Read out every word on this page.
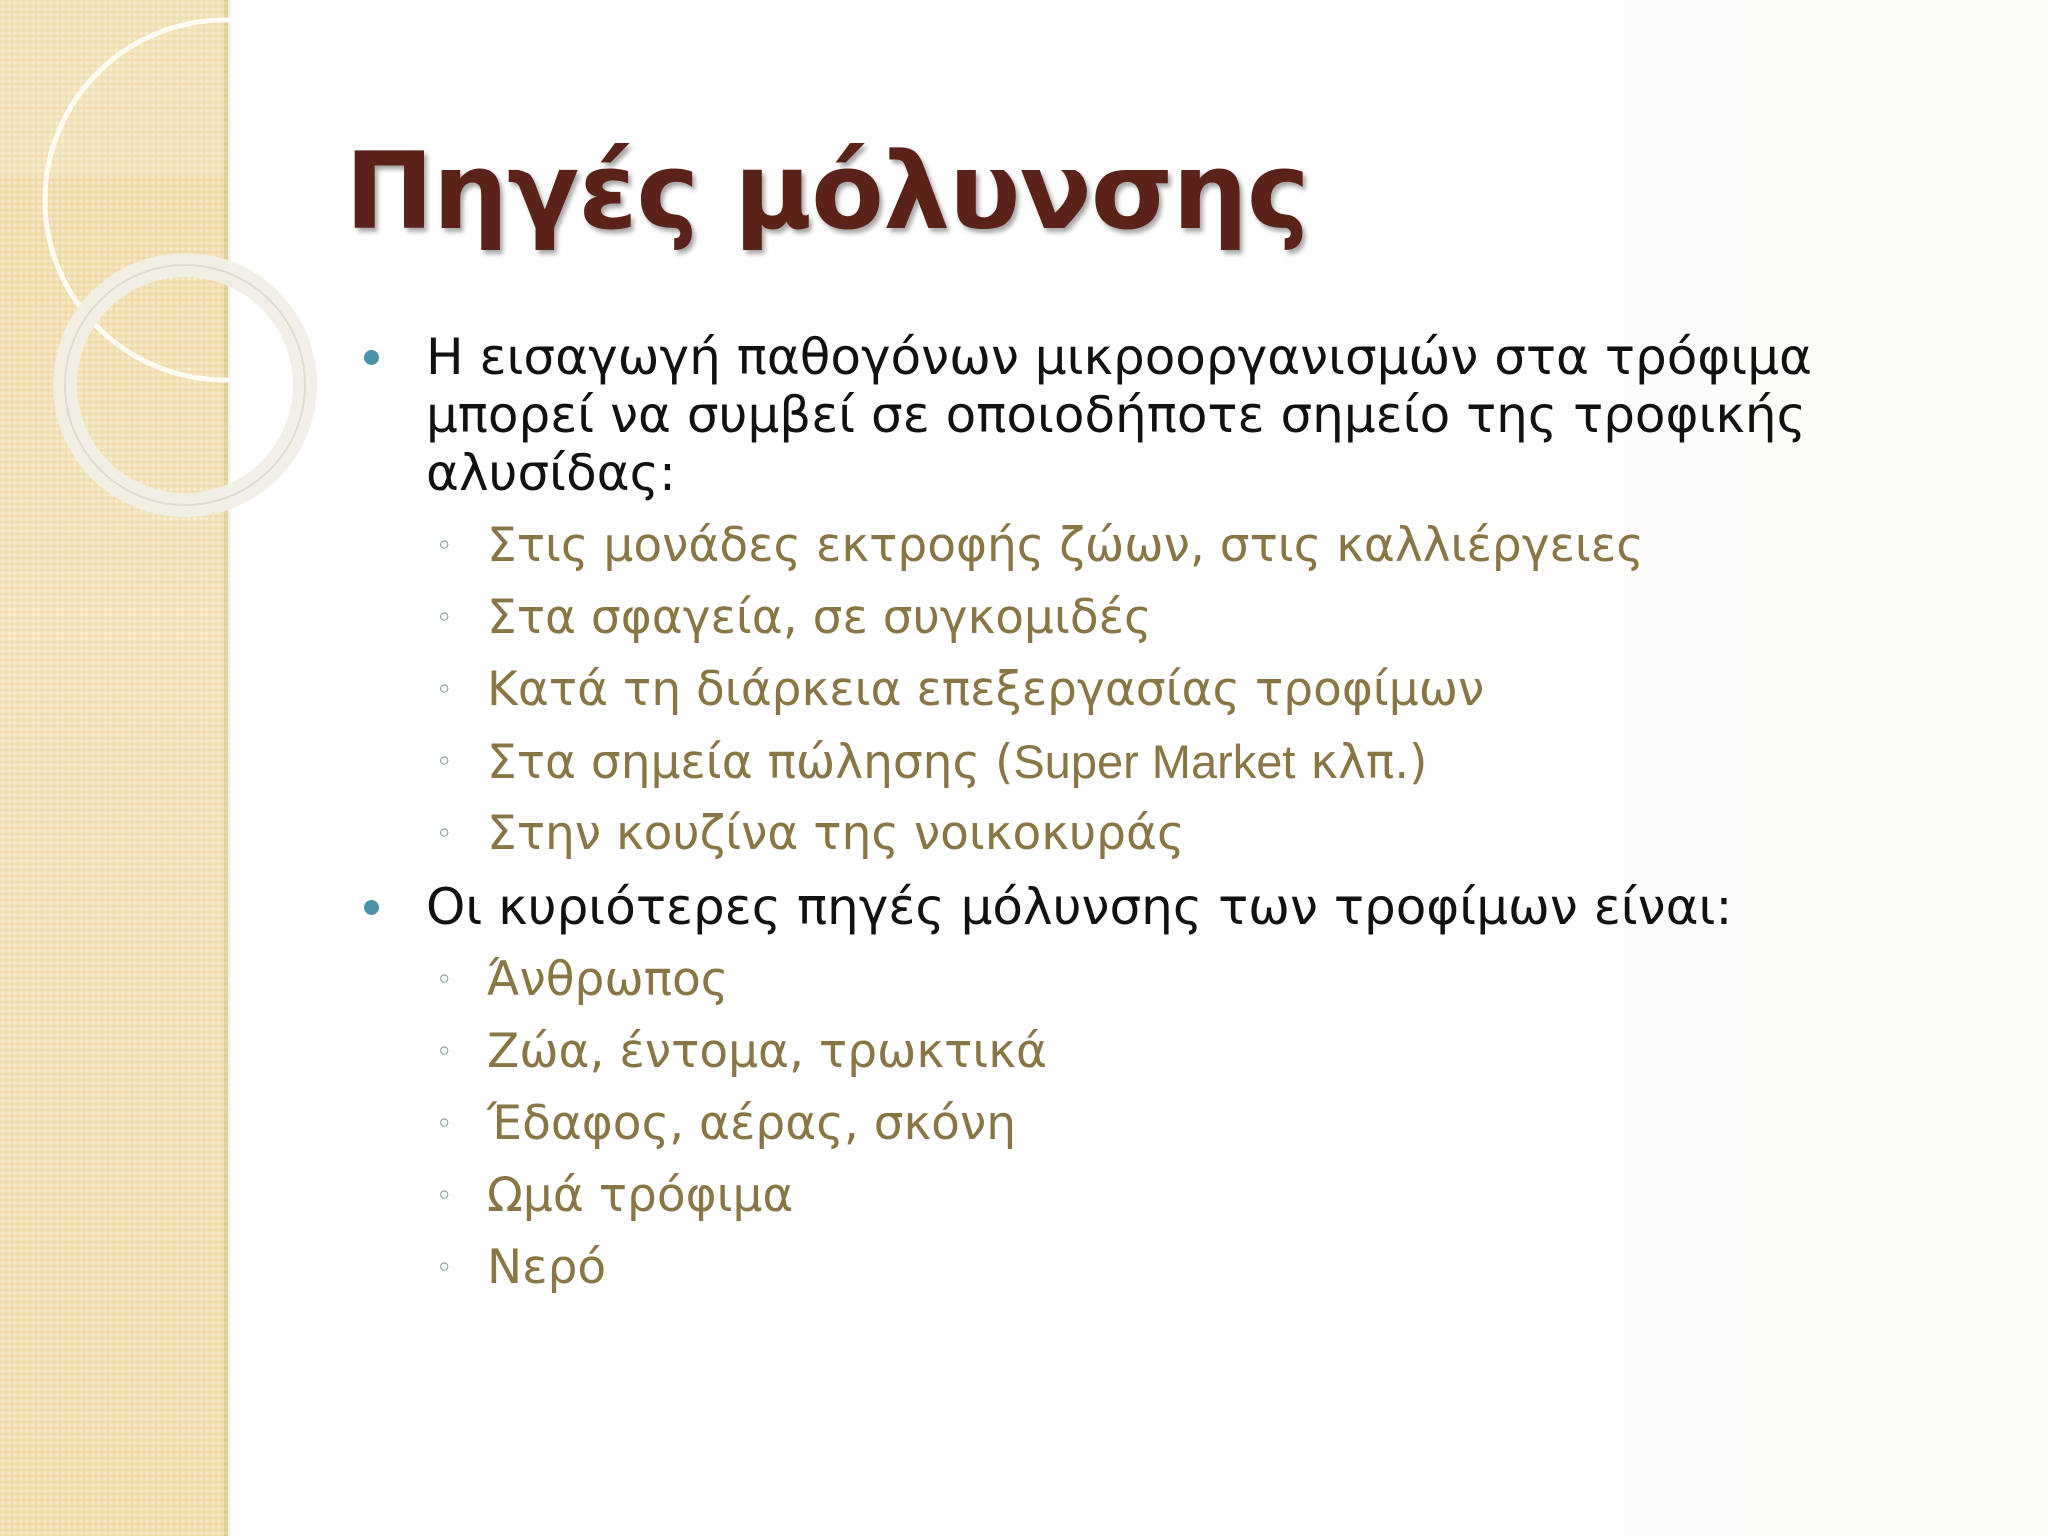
Πηγές μόλυνσης
Η εισαγωγή παθογόνων μικροοργανισμών στα τρόφιμα μπορεί να συμβεί σε οποιοδήποτε σημείο της τροφικής αλυσίδας:
◦ Στις μονάδες εκτροφής ζώων, στις καλλιέργειες
◦ Στα σφαγεία, σε συγκομιδές
◦ Κατά τη διάρκεια επεξεργασίας τροφίμων
◦ Στα σημεία πώλησης (Super Market κλπ.)
◦ Στην κουζίνα της νοικοκυράς
Οι κυριότερες πηγές μόλυνσης των τροφίμων είναι:
◦ Άνθρωπος
◦ Ζώα, έντομα, τρωκτικά
◦ Έδαφος, αέρας, σκόνη
◦ Ωμά τρόφιμα
◦ Νερό
